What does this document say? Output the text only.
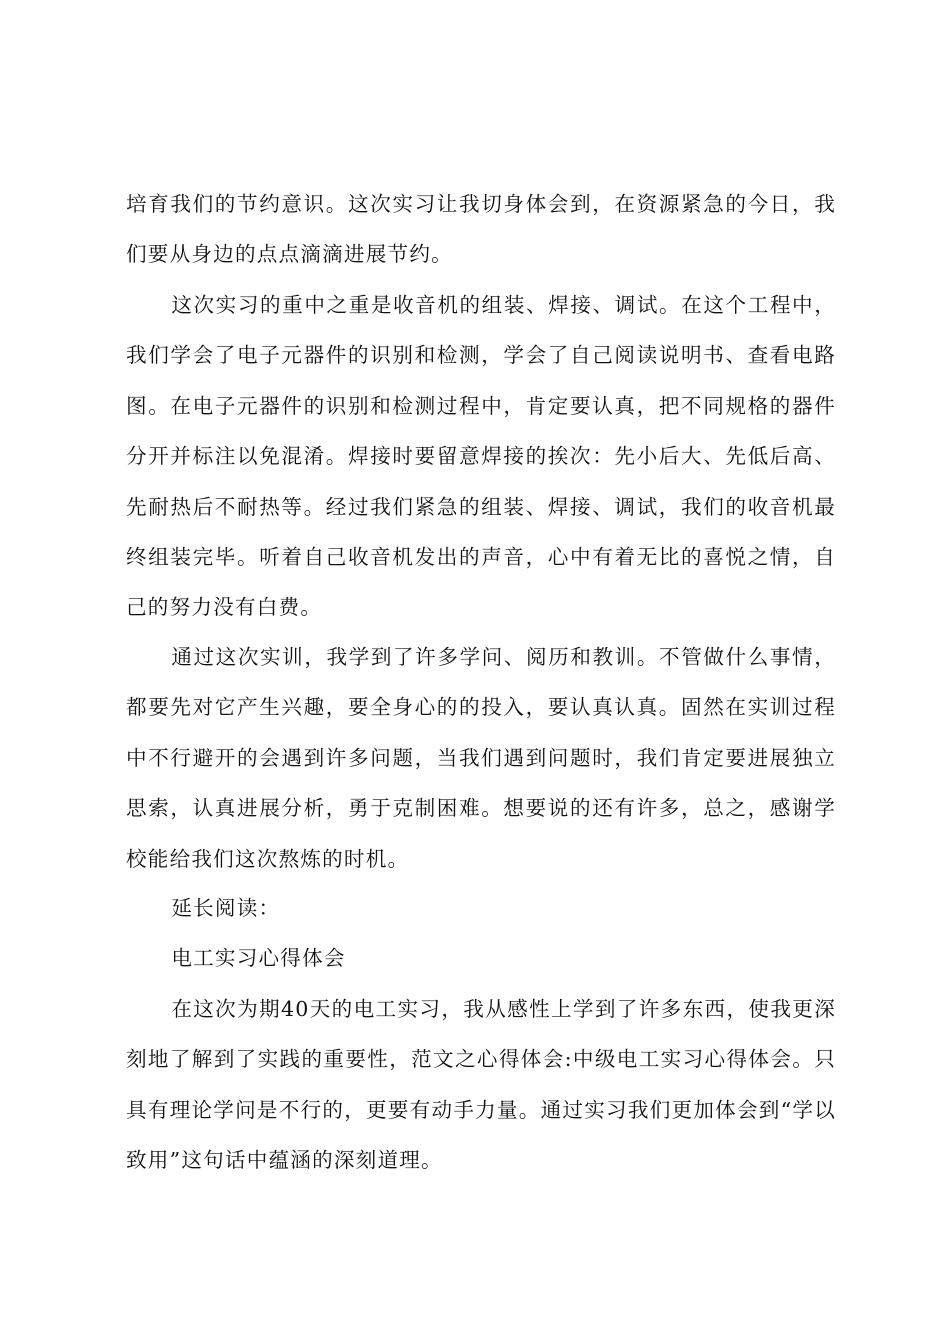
培育我们的节约意识。这次实习让我切身体会到，在资源紧急的今日，我们要从身边的点点滴滴进展节约。

这次实习的重中之重是收音机的组装、焊接、调试。在这个工程中，我们学会了电子元器件的识别和检测，学会了自己阅读说明书、查看电路图。在电子元器件的识别和检测过程中，肯定要认真，把不同规格的器件分开并标注以免混淆。焊接时要留意焊接的挨次：先小后大、先低后高、先耐热后不耐热等。经过我们紧急的组装、焊接、调试，我们的收音机最终组装完毕。听着自己收音机发出的声音，心中有着无比的喜悦之情，自己的努力没有白费。

通过这次实训，我学到了许多学问、阅历和教训。不管做什么事情，都要先对它产生兴趣，要全身心的的投入，要认真认真。固然在实训过程中不行避开的会遇到许多问题，当我们遇到问题时，我们肯定要进展独立思索，认真进展分析，勇于克制困难。想要说的还有许多，总之，感谢学校能给我们这次熬炼的时机。

延长阅读：

电工实习心得体会

在这次为期40天的电工实习，我从感性上学到了许多东西，使我更深刻地了解到了实践的重要性，范文之心得体会:中级电工实习心得体会。只具有理论学问是不行的，更要有动手力量。通过实习我们更加体会到“学以致用”这句话中蕴涵的深刻道理。
